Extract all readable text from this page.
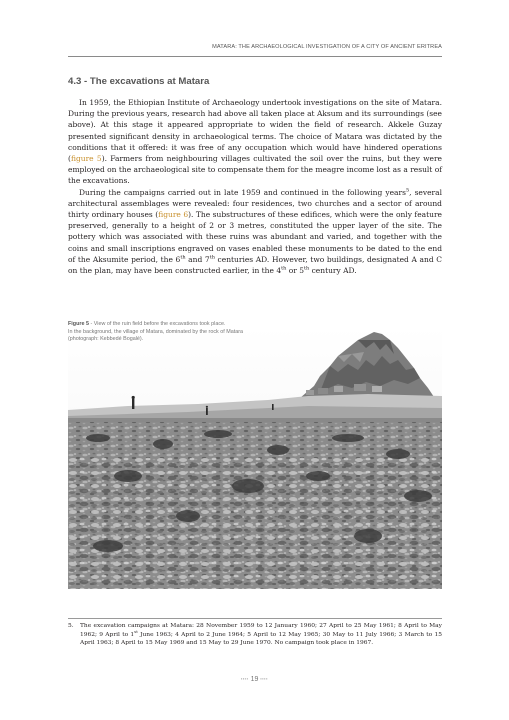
MATARA: THE ARCHAEOLOGICAL INVESTIGATION OF A CITY OF ANCIENT ERITREA
4.3 - The excavations at Matara

In 1959, the Ethiopian Institute of Archaeology undertook investigations on the site of Matara. During the previous years, research had above all taken place at Aksum and its surroundings (see above). At this stage it appeared appropriate to widen the field of research. Akkele Guzay presented significant density in archaeological terms. The choice of Matara was dictated by the conditions that it offered: it was free of any occupation which would have hindered operations (figure 5). Farmers from neighbouring villages cultivated the soil over the ruins, but they were employed on the archaeological site to compensate them for the meagre income lost as a result of the excavations.

During the campaigns carried out in late 1959 and continued in the following years$^5$, several architectural assemblages were revealed: four residences, two churches and a sector of around thirty ordinary houses (figure 6). The substructures of these edifices, which were the only feature preserved, generally to a height of 2 or 3 metres, constituted the upper layer of the site. The pottery which was associated with these ruins was abundant and varied, and together with the coins and small inscriptions engraved on vases enabled these monuments to be dated to the end of the Aksumite period, the 6th and 7th centuries AD. However, two buildings, designated A and C on the plan, may have been constructed earlier, in the 4th or 5th century AD.

Figure 5 - View of the ruin field before the excavations took place.
In the background, the village of Matara, dominated by the rock of Matara
(photograph: Kebbedé Bogalé).
5.	The excavation campaigns at Matara: 28 November 1959 to 12 January 1960; 27 April to 25 May 1961; 8 April to May 1962; 9 April to 1st June 1963; 4 April to 2 June 1964; 5 April to 12 May 1965; 30 May to 11 July 1966; 3 March to 15 April 1963; 8 April to 15 May 1969 and 15 May to 29 June 1970. No campaign took place in 1967.
▪▪▪▪ 19 ▪▪▪▪
